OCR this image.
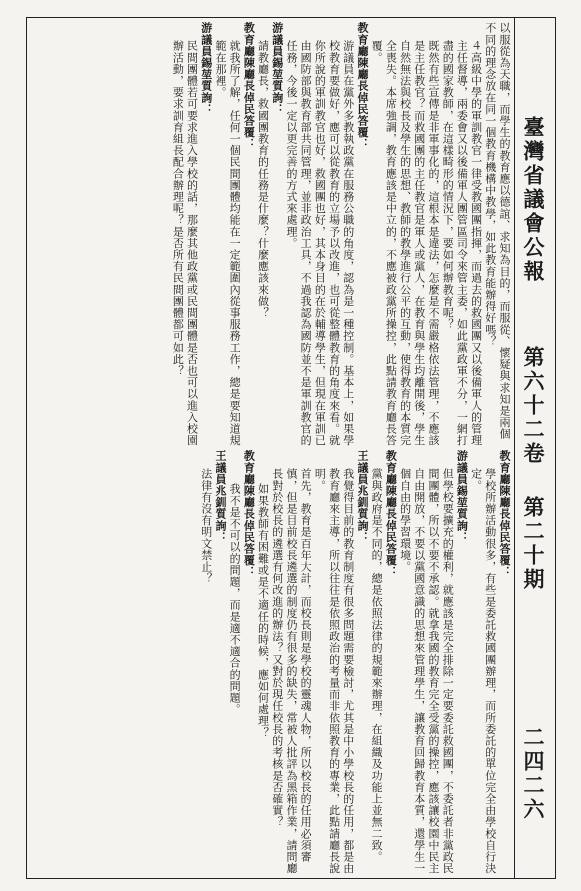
臺灣省議會公報
第六十二卷
第二十期
二四二六
以服從為天職，而學生的教育應以德誼、求知為目的，而服從、懷疑與求知是兩個不同的理念放在同一個教育機構中教學，如此教育能辦得好嗎？
４高級中學的軍訓教官一律受教國團指揮，而過去的救國團又以後備軍人的管理主任督導，兩委會又以後備軍人團管區司令來管主委，如此黨政軍不分，一網打盡的國家教師，在這樣畸形的情況下，要如何辦教育呢？
既然有些宣傳是非軍事化的，這根本是違法，怎麼是不需嚴格依法管理，不應該是主任教官？而救國團的主任教官是軍人或黨人，在教育與學生均離開後，學生自然無法與校長及學生的思想、教師的教學進行公平的互動，使得教育的本質完全喪失。本席強調，教育應該是中立的，不應被政黨所操控，此點請教育廳長答覆。
教育廳陳廳長倬民答覆：
游議員在黨外多教執政黨在服務公職的角度，認為是一種控制。基本上，如果學校教育要做好，應可以從教育的立場予以改進，也可從整體教育的角度來看。就你所說的軍訓教官也好，救國團也好，其本身目的在於輔導學生，但現在軍訓已由國防部與教育部共同管理，並非政治工具，不過我認為國防並不是軍訓教官的任務，今後一定以更完善的方式來處理。
游議員錫堃質詢：
請教廳長，救國團教育的任務是什麼？什麼應該來做？
教育廳陳廳長倬民答覆：
就我所了解，任何一個民間團體均能在一定範圍內從事服務工作，總是要知道規範在那裡。
游議員錫堃質詢：
民間團體若可要求進入學校的話，那麼其他政黨或民間團體是否也可以進入校園辦活動，要求訓育組長配合辦理呢？是否所有民間團體都可如此？
教育廳陳廳長倬民答覆：
學校所辦活動很多，有些是委託救國團辦理，而所委託的單位完全由學校自行決定。
游議員錫堃質詢：
但學校要擴充的權利，就應該是完全排除一定要委託救國團，不委託者非黨政民間團體，所以不要不承認。就拿我國的教育完全受黨的操控，應該讓校園中民主自由開放，不要以黨國意識的思想來管理學生，讓教育回歸教育本質，還學生一個自由的學習環境。
教育廳陳廳長倬民答覆：
黨與政府是不同的，總是依照法律的規範來辦理，在組織及功能上並無二致。
王議員兆釧質詢：
我覺得目前的教育制度有很多問題需要檢討，尤其是中小學校長的任用，都是由教育廳來主導，所以往往是依照政治的考量而非依照教育的專業，此點請廳長說明。
首先，教育是百年大計，而校長則是學校的靈魂人物，所以校長的任用必須審慎，但是目前校長遴選的制度仍有很多的缺失，常被人批評為黑箱作業，請問廳長對於校長的遴選有何改進的辦法？又對於現任校長的考核是否確實？
如果教師有困難或是不適任的時候，應如何處理？
教育廳陳廳長倬民答覆：
我不是不可以的問題，而是適不適合的問題。
王議員兆釧質詢：
法律有沒有明文禁止？
